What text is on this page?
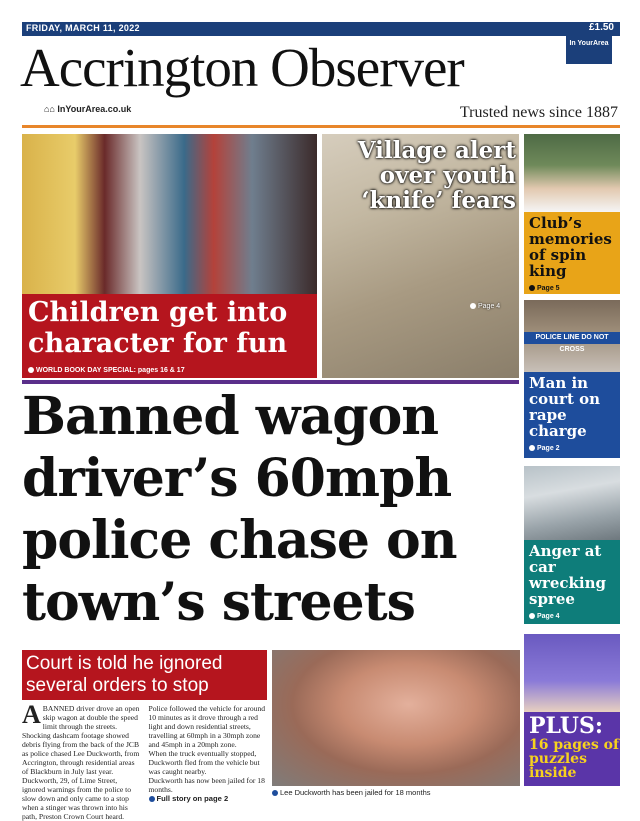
FRIDAY, MARCH 11, 2022	£1.50
In YourArea
Accrington Observer
⌂⌂ InYourArea.co.uk	Trusted news since 1887
Children get into character for fun
WORLD BOOK DAY SPECIAL: pages 16 & 17
Village alert over youth ‘knife’ fears
Page 4
Banned wagon driver’s 60mph police chase on town’s streets
Court is told he ignored several orders to stop

ABANNED driver drove an open skip wagon at double the speed limit through the streets.

Shocking dashcam footage showed debris flying from the back of the JCB as police chased Lee Duckworth, from Accrington, through residential areas of Blackburn in July last year.

Duckworth, 29, of Lime Street, ignored warnings from the police to slow down and only came to a stop when a stinger was thrown into his path, Preston Crown Court heard.

Police followed the vehicle for around 10 minutes as it drove through a red light and down residential streets, travelling at 60mph in a 30mph zone and 45mph in a 20mph zone.

When the truck eventually stopped, Duckworth fled from the vehicle but was caught nearby.

Duckworth has now been jailed for 18 months.

Full story on page 2

Lee Duckworth has been jailed for 18 months
Club’s memories of spin king
Page 5
POLICE LINE DO NOT CROSS
Man in court on rape charge
Page 2
Anger at car wrecking spree
Page 4
PLUS:
16 pages of puzzles inside
